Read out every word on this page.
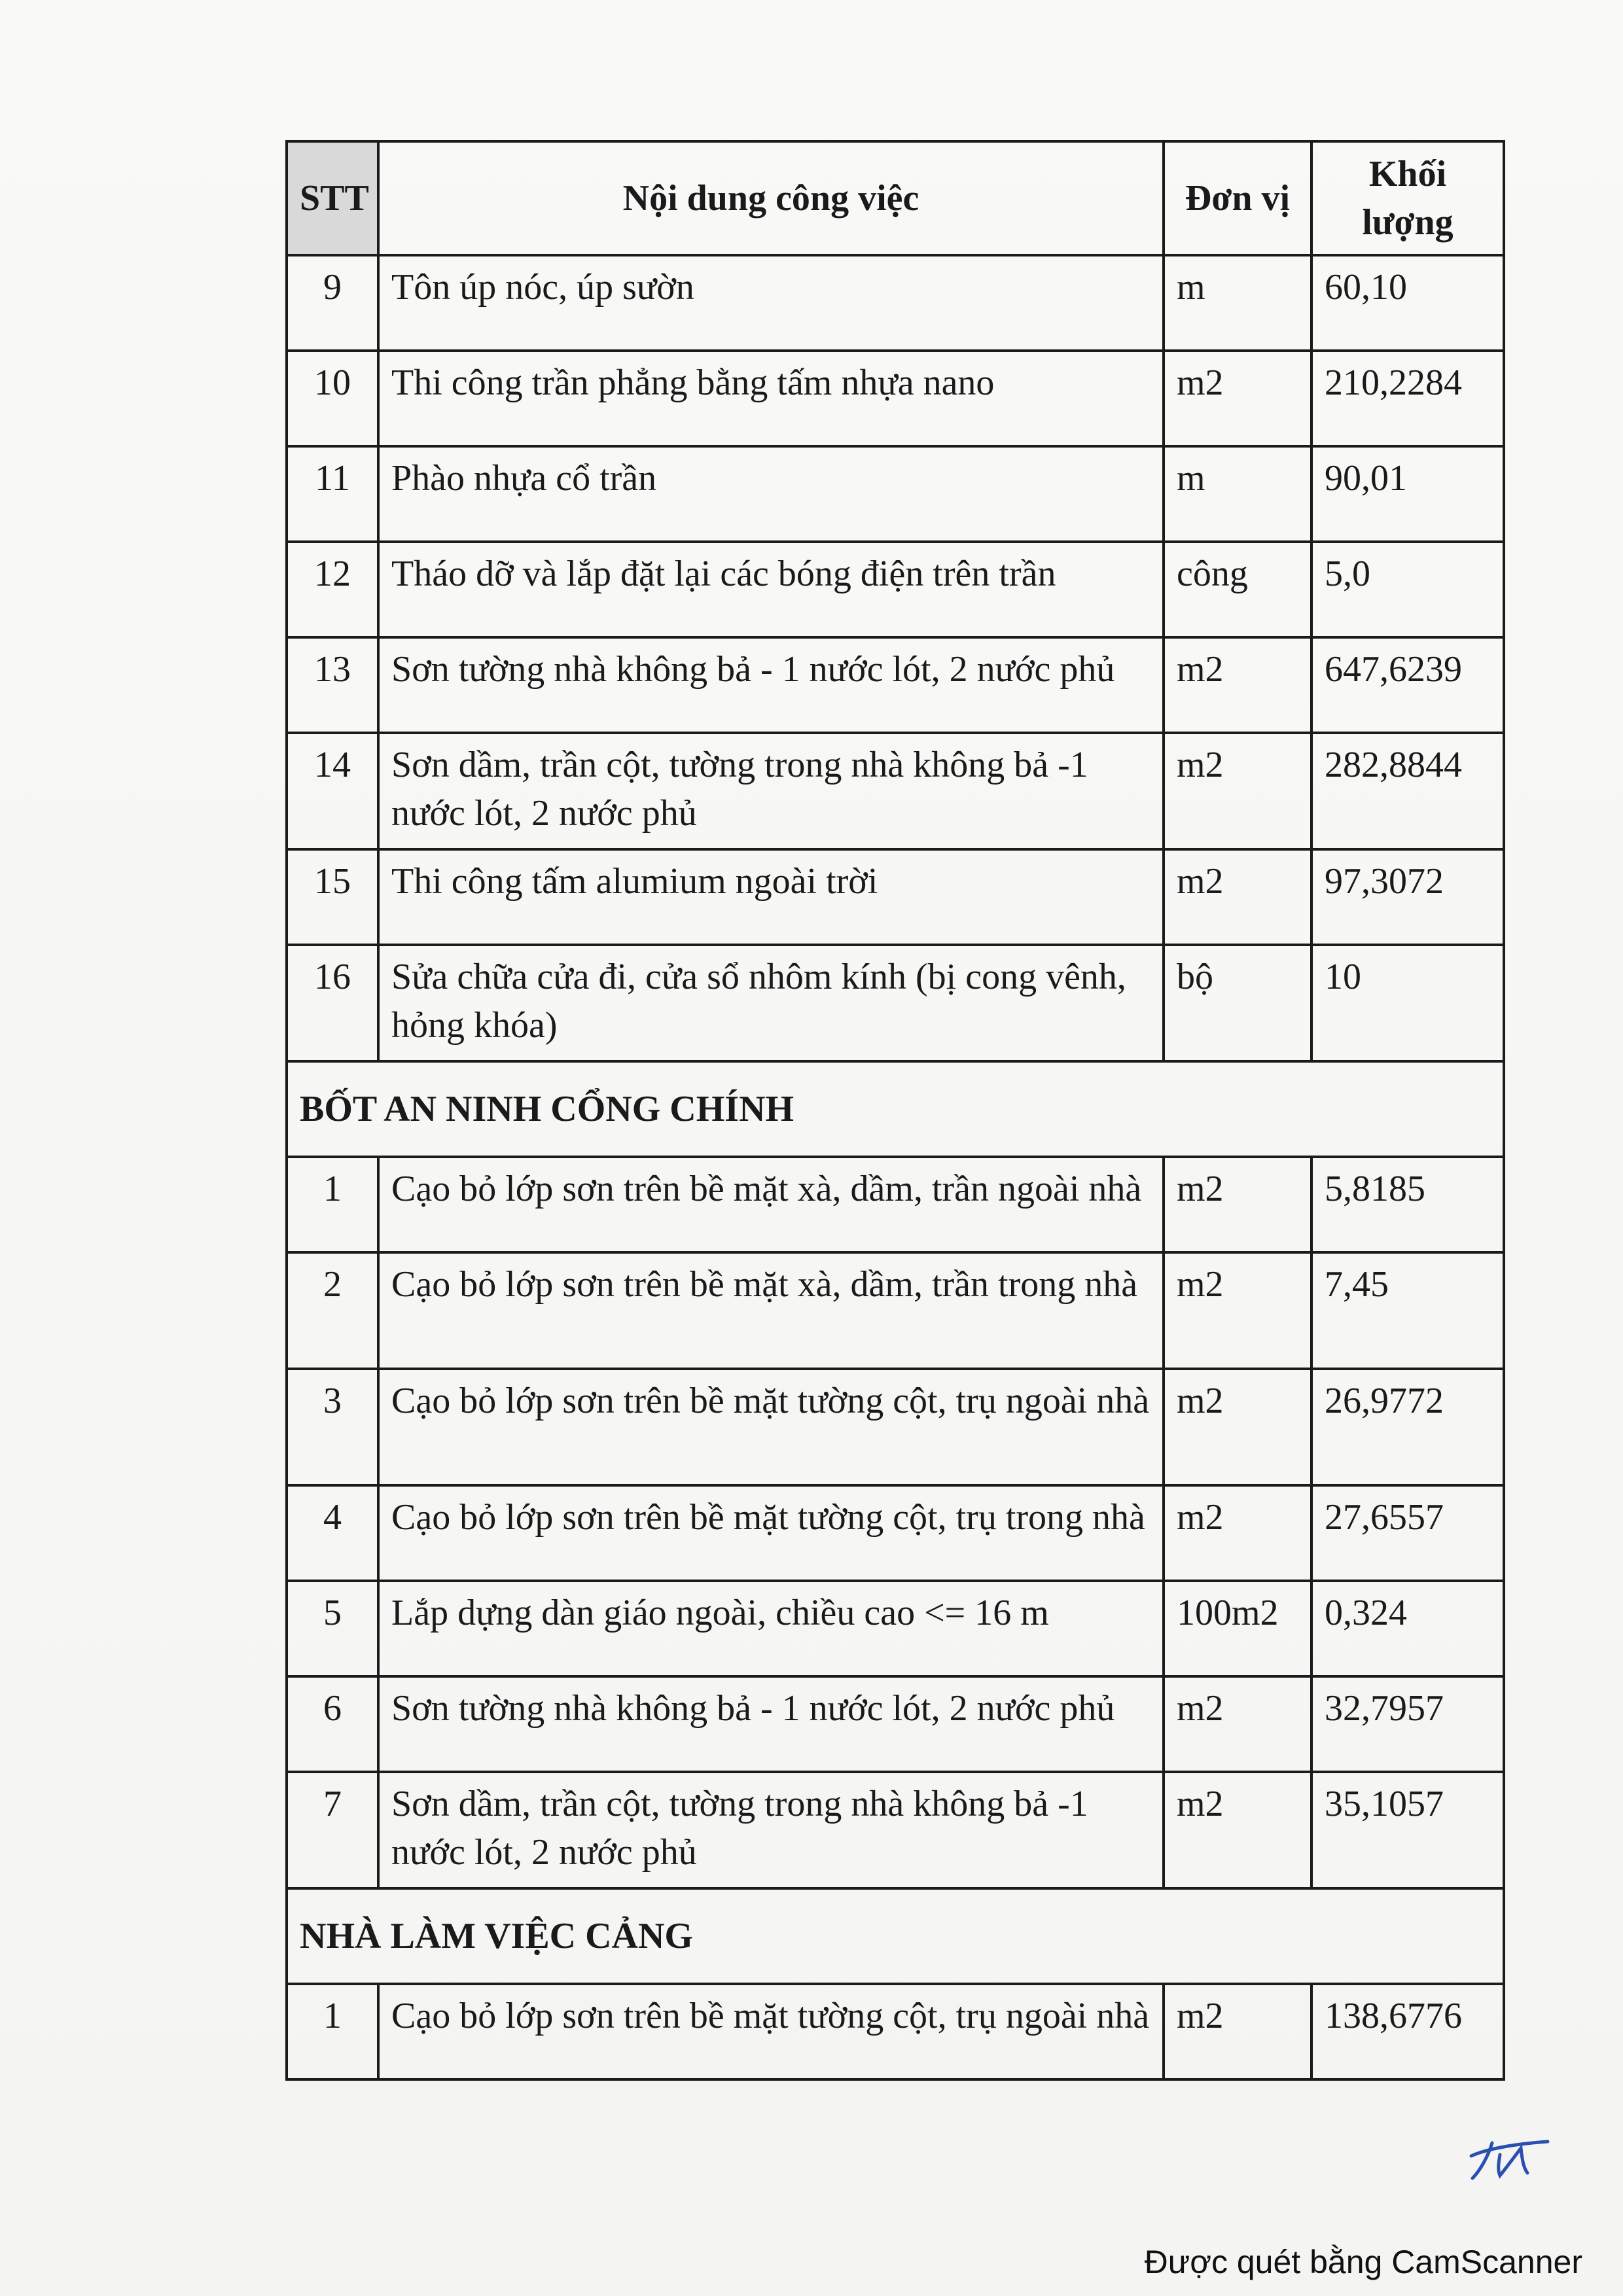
STT	Nội dung công việc	Đơn vị	Khối
lượng
9	Tôn úp nóc, úp sườn	m	60,10
10	Thi công trần phẳng bằng tấm nhựa nano	m2	210,2284
11	Phào nhựa cổ trần	m	90,01
12	Tháo dỡ và lắp đặt lại các bóng điện trên trần	công	5,0
13	Sơn tường nhà không bả - 1 nước lót, 2 nước phủ	m2	647,6239
14	Sơn dầm, trần cột, tường trong nhà không bả -1 nước lót, 2 nước phủ	m2	282,8844
15	Thi công tấm alumium ngoài trời	m2	97,3072
16	Sửa chữa cửa đi, cửa sổ nhôm kính (bị cong vênh, hỏng khóa)	bộ	10
BỐT AN NINH CỔNG CHÍNH			
1	Cạo bỏ lớp sơn trên bề mặt xà, dầm, trần ngoài nhà	m2	5,8185
2	Cạo bỏ lớp sơn trên bề mặt xà, dầm, trần trong nhà	m2	7,45
3	Cạo bỏ lớp sơn trên bề mặt tường cột, trụ ngoài nhà	m2	26,9772
4	Cạo bỏ lớp sơn trên bề mặt tường cột, trụ trong nhà	m2	27,6557
5	Lắp dựng dàn giáo ngoài, chiều cao <= 16 m	100m2	0,324
6	Sơn tường nhà không bả - 1 nước lót, 2 nước phủ	m2	32,7957
7	Sơn dầm, trần cột, tường trong nhà không bả -1 nước lót, 2 nước phủ	m2	35,1057
NHÀ LÀM VIỆC CẢNG			
1	Cạo bỏ lớp sơn trên bề mặt tường cột, trụ ngoài nhà	m2	138,6776
Được quét bằng CamScanner
